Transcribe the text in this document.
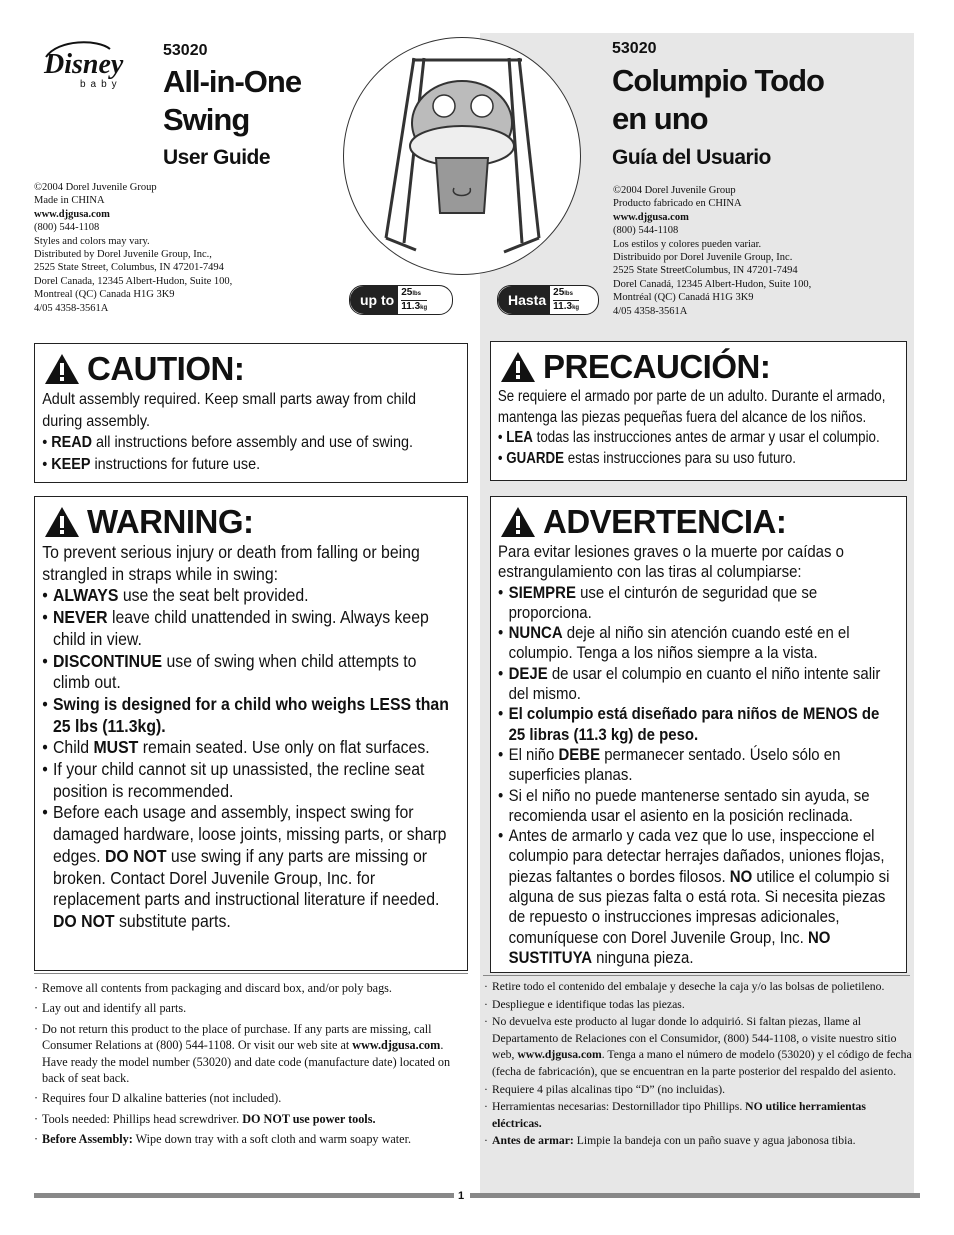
Disney
baby
53020
All-in-One
Swing
User Guide
©2004 Dorel Juvenile Group
Made in CHINA
www.djgusa.com
(800) 544-1108
Styles and colors may vary.
Distributed by Dorel Juvenile Group, Inc.,
2525 State Street, Columbus, IN 47201-7494
Dorel Canada, 12345 Albert-Hudon, Suite 100,
Montreal (QC) Canada H1G 3K9
4/05 4358-3561A
up to 25lbs
11.3kg
53020
Columpio Todo
en uno
Guía del Usuario
©2004 Dorel Juvenile Group
Producto fabricado en CHINA
www.djgusa.com
(800) 544-1108
Los estilos y colores pueden variar.
Distribuido por Dorel Juvenile Group, Inc.
2525 State StreetColumbus, IN 47201-7494
Dorel Canadá, 12345 Albert-Hudon, Suite 100,
Montréal (QC) Canadá H1G 3K9
4/05 4358-3561A
Hasta 25lbs
11.3kg
CAUTION:
Adult assembly required. Keep small parts away from child during assembly.
• READ all instructions before assembly and use of swing.
• KEEP instructions for future use.
PRECAUCIÓN:
Se requiere el armado por parte de un adulto. Durante el armado, mantenga las piezas pequeñas fuera del alcance de los niños.
• LEA todas las instrucciones antes de armar y usar el columpio.
• GUARDE estas instrucciones para su uso futuro.
WARNING:
To prevent serious injury or death from falling or being strangled in straps while in swing:
• ALWAYS use the seat belt provided.
• NEVER leave child unattended in swing. Always keep child in view.
• DISCONTINUE use of swing when child attempts to climb out.
• Swing is designed for a child who weighs LESS than 25 lbs (11.3kg).
• Child MUST remain seated. Use only on flat surfaces.
• If your child cannot sit up unassisted, the recline seat position is recommended.
• Before each usage and assembly, inspect swing for damaged hardware, loose joints, missing parts, or sharp edges. DO NOT use swing if any parts are missing or broken. Contact Dorel Juvenile Group, Inc. for replacement parts and instructional literature if needed. DO NOT substitute parts.
ADVERTENCIA:
Para evitar lesiones graves o la muerte por caídas o estrangulamiento con las tiras al columpiarse:
• SIEMPRE use el cinturón de seguridad que se proporciona.
• NUNCA deje al niño sin atención cuando esté en el columpio. Tenga a los niños siempre a la vista.
• DEJE de usar el columpio en cuanto el niño intente salir del mismo.
• El columpio está diseñado para niños de MENOS de 25 libras (11.3 kg) de peso.
• El niño DEBE permanecer sentado. Úselo sólo en superficies planas.
• Si el niño no puede mantenerse sentado sin ayuda, se recomienda usar el asiento en la posición reclinada.
• Antes de armarlo y cada vez que lo use, inspeccione el columpio para detectar herrajes dañados, uniones flojas, piezas faltantes o bordes filosos. NO utilice el columpio si alguna de sus piezas falta o está rota. Si necesita piezas de repuesto o instrucciones impresas adicionales, comuníquese con Dorel Juvenile Group, Inc. NO SUSTITUYA ninguna pieza.
· Remove all contents from packaging and discard box, and/or poly bags.
· Lay out and identify all parts.
· Do not return this product to the place of purchase. If any parts are missing, call Consumer Relations at (800) 544-1108. Or visit our web site at www.djgusa.com. Have ready the model number (53020) and date code (manufacture date) located on back of seat back.
· Requires four D alkaline batteries (not included).
· Tools needed: Phillips head screwdriver. DO NOT use power tools.
· Before Assembly: Wipe down tray with a soft cloth and warm soapy water.
· Retire todo el contenido del embalaje y deseche la caja y/o las bolsas de polietileno.
· Despliegue e identifique todas las piezas.
· No devuelva este producto al lugar donde lo adquirió. Si faltan piezas, llame al Departamento de Relaciones con el Consumidor, (800) 544-1108, o visite nuestro sitio web, www.djgusa.com. Tenga a mano el número de modelo (53020) y el código de fecha (fecha de fabricación), que se encuentran en la parte posterior del respaldo del asiento.
· Requiere 4 pilas alcalinas tipo “D” (no incluidas).
· Herramientas necesarias: Destornillador tipo Phillips. NO utilice herramientas eléctricas.
· Antes de armar: Limpie la bandeja con un paño suave y agua jabonosa tibia.
1
